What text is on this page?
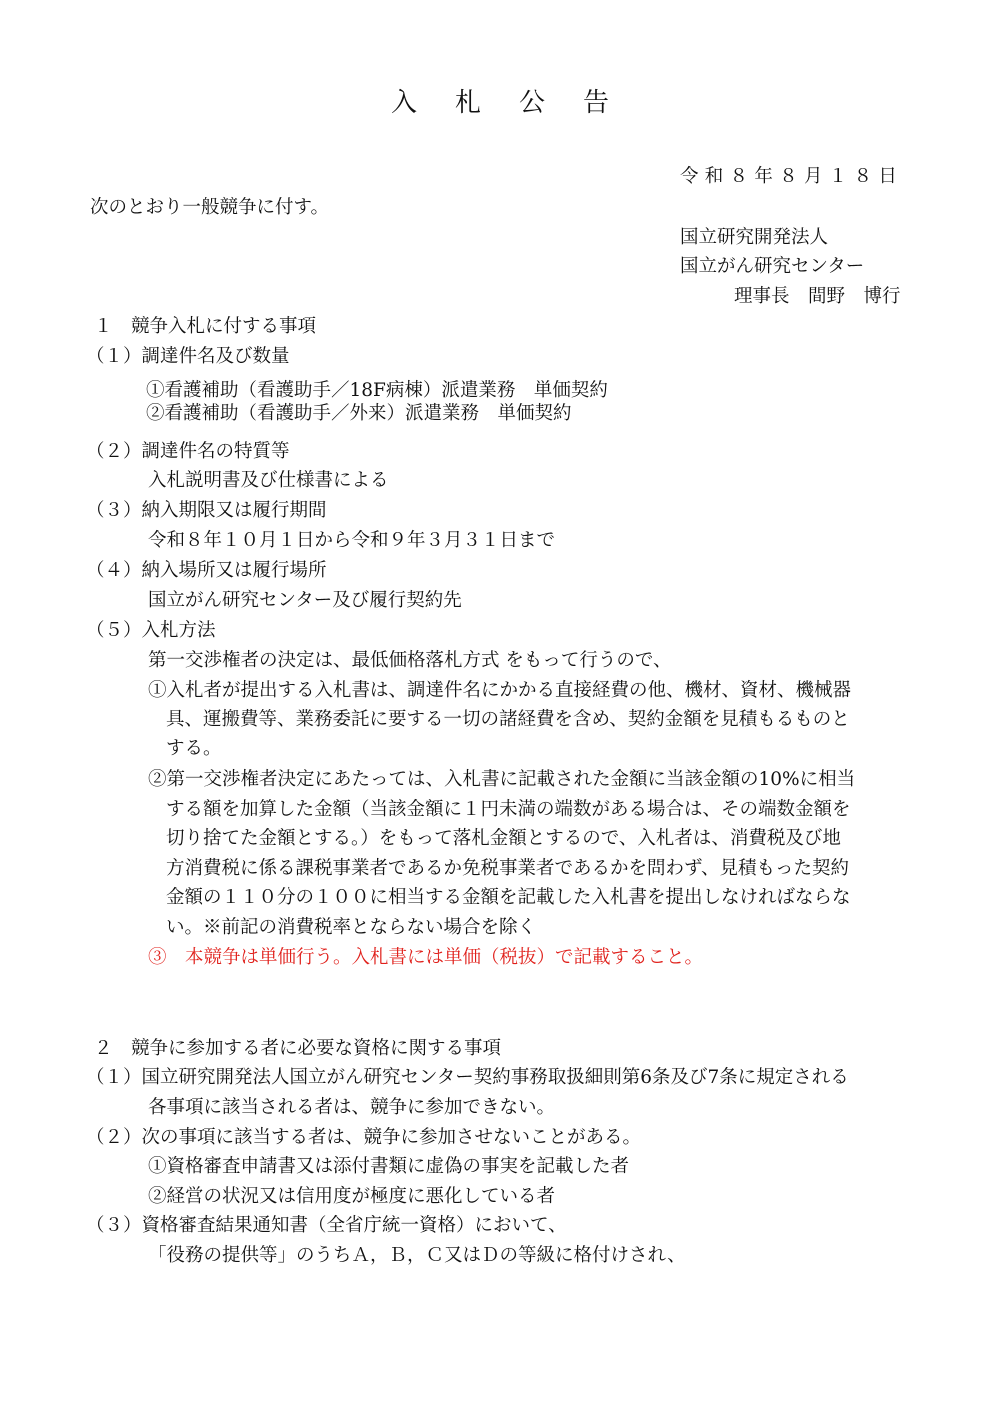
入札公告
令和８年８月１８日
次のとおり一般競争に付す。
国立研究開発法人
国立がん研究センター
理事長　間野　博行
１　競争入札に付する事項
（１）調達件名及び数量
①看護補助（看護助手／18F病棟）派遣業務　単価契約
②看護補助（看護助手／外来）派遣業務　単価契約
（２）調達件名の特質等
入札説明書及び仕様書による
（３）納入期限又は履行期間
令和８年１０月１日から令和９年３月３１日まで
（４）納入場所又は履行場所
国立がん研究センター及び履行契約先
（５）入札方法
第一交渉権者の決定は、最低価格落札方式 をもって行うので、
①入札者が提出する入札書は、調達件名にかかる直接経費の他、機材、資材、機械器
具、運搬費等、業務委託に要する一切の諸経費を含め、契約金額を見積もるものと
する。
②第一交渉権者決定にあたっては、入札書に記載された金額に当該金額の10%に相当
する額を加算した金額（当該金額に１円未満の端数がある場合は、その端数金額を
切り捨てた金額とする。）をもって落札金額とするので、入札者は、消費税及び地
方消費税に係る課税事業者であるか免税事業者であるかを問わず、見積もった契約
金額の１１０分の１００に相当する金額を記載した入札書を提出しなければならな
い。※前記の消費税率とならない場合を除く
③　本競争は単価行う。入札書には単価（税抜）で記載すること。
２　競争に参加する者に必要な資格に関する事項
（１）国立研究開発法人国立がん研究センター契約事務取扱細則第6条及び7条に規定される
各事項に該当される者は、競争に参加できない。
（２）次の事項に該当する者は、競争に参加させないことがある。
①資格審査申請書又は添付書類に虚偽の事実を記載した者
②経営の状況又は信用度が極度に悪化している者
（３）資格審査結果通知書（全省庁統一資格）において、
「役務の提供等」のうちＡ，Ｂ，Ｃ又はＤの等級に格付けされ、
